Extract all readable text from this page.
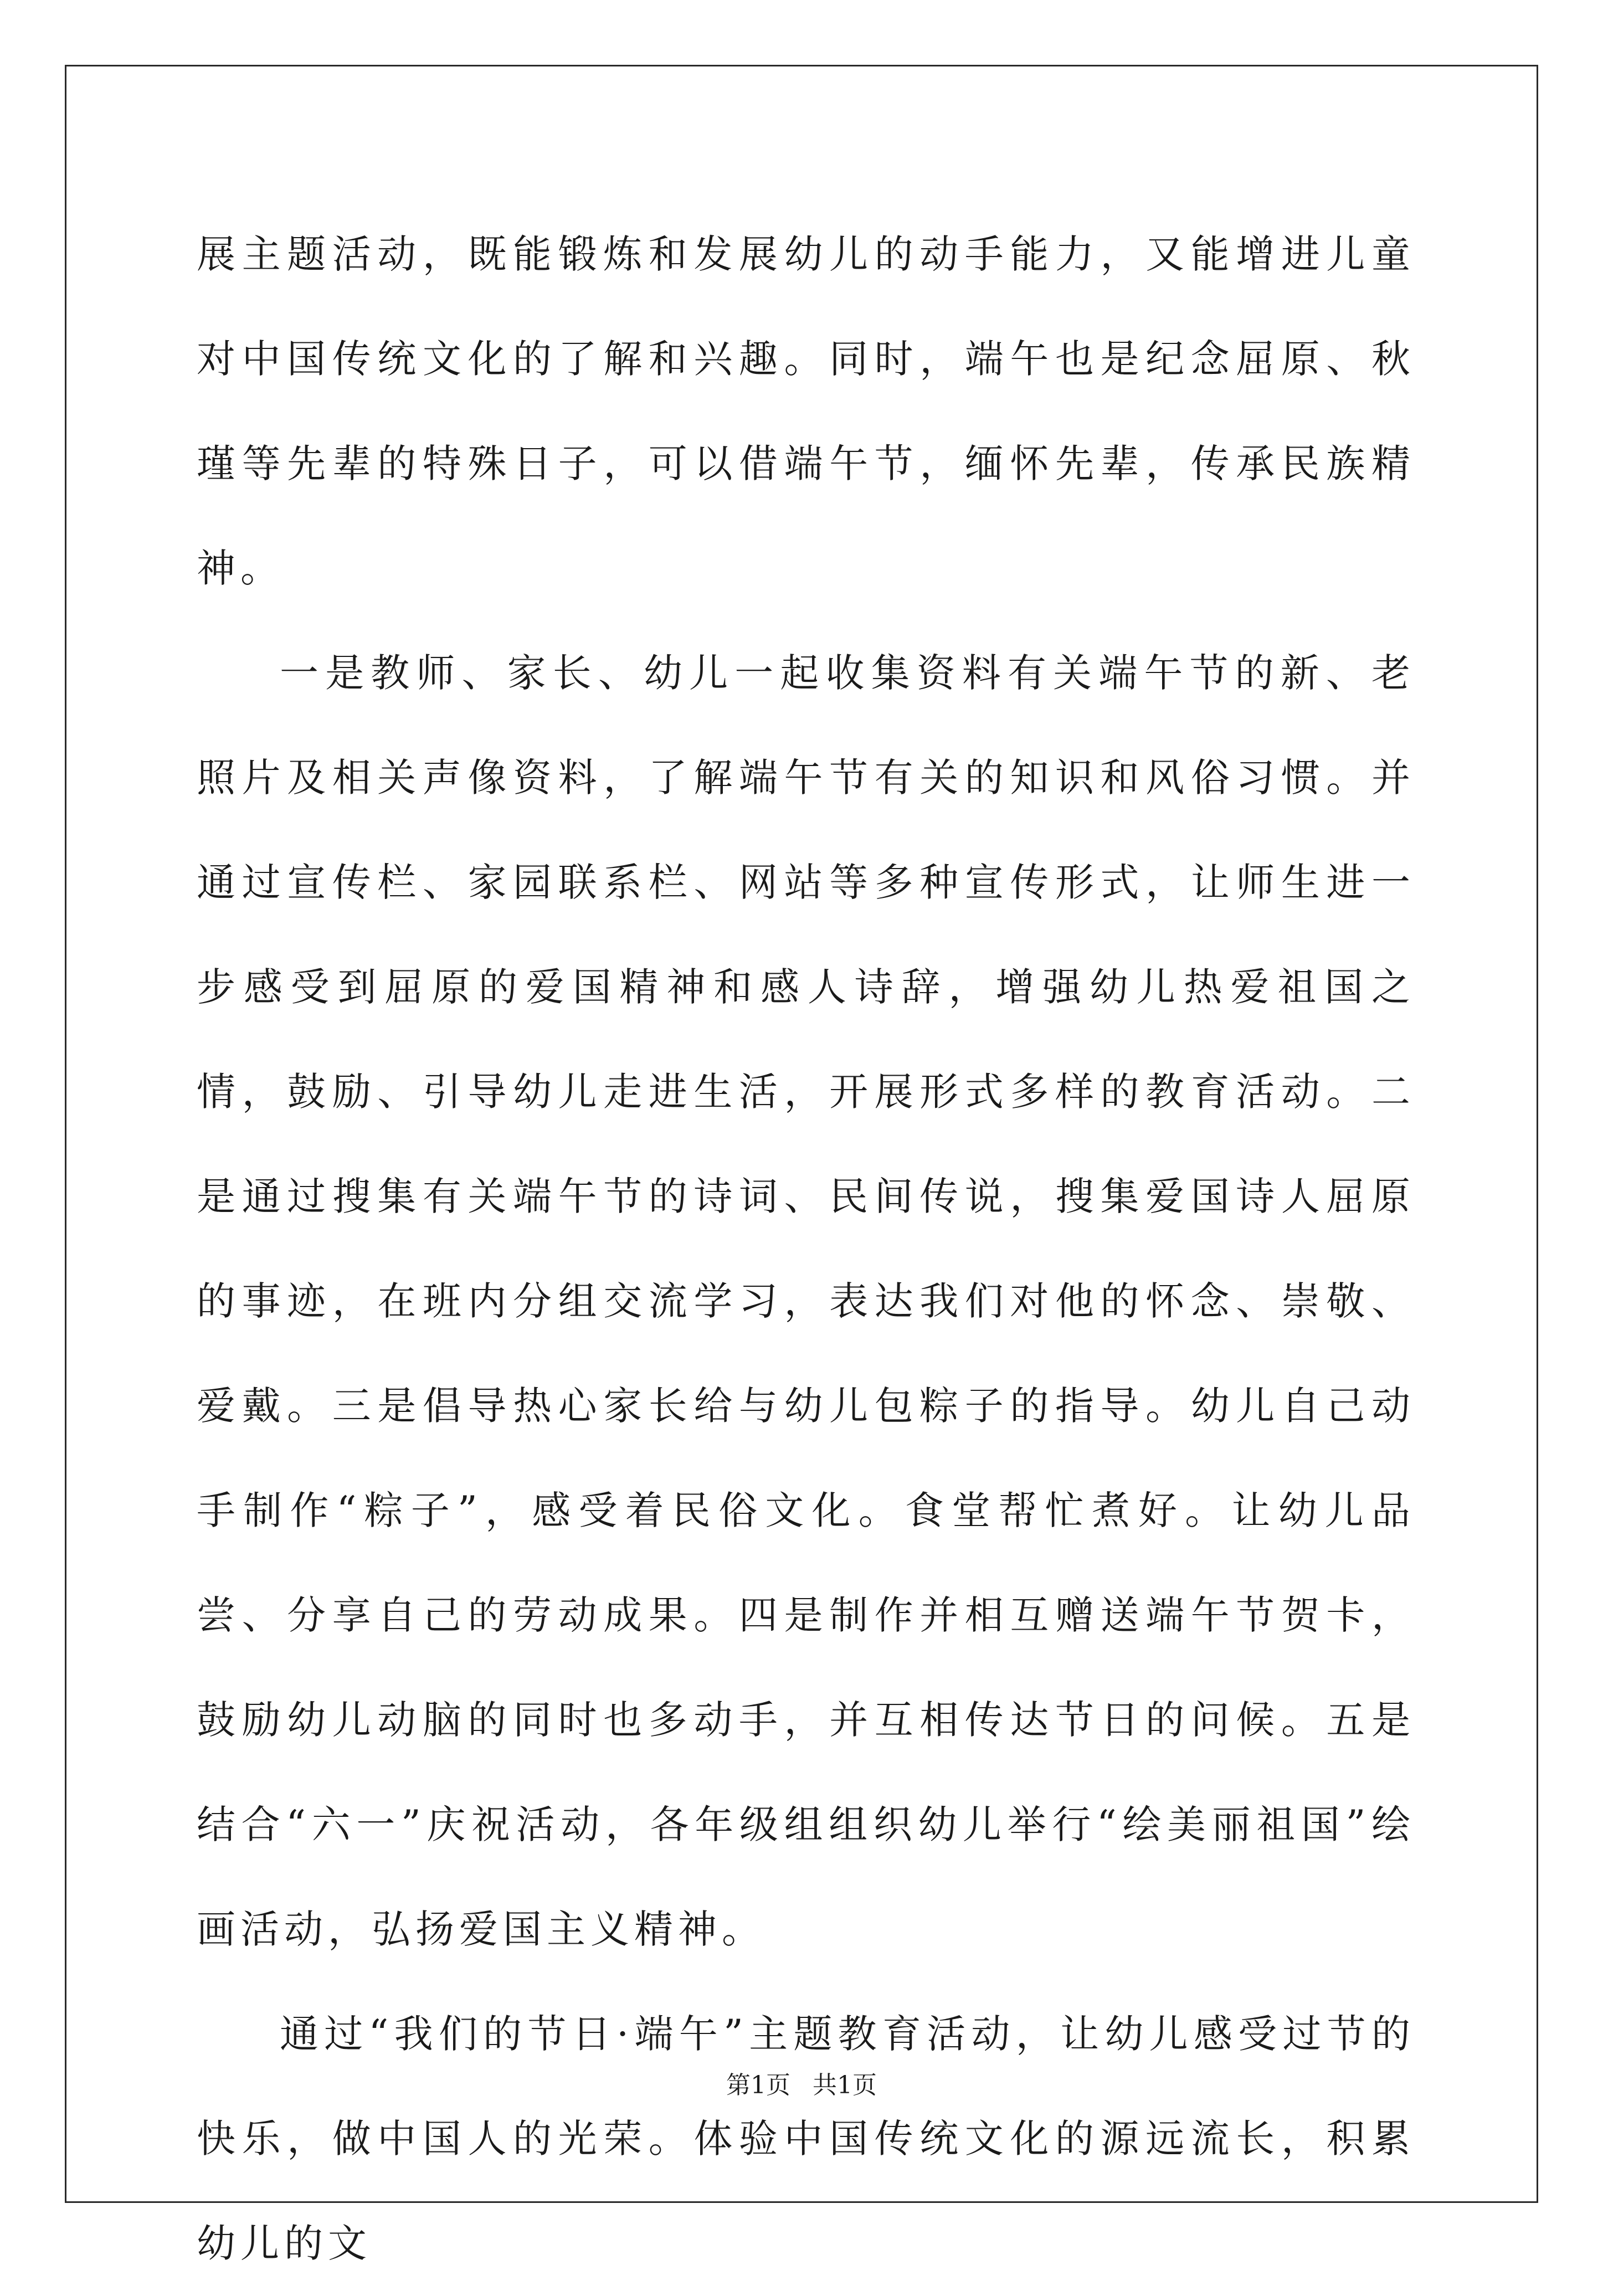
展主题活动，既能锻炼和发展幼儿的动手能力，又能增进儿童对中国传统文化的了解和兴趣。同时，端午也是纪念屈原、秋瑾等先辈的特殊日子，可以借端午节，缅怀先辈，传承民族精神。

一是教师、家长、幼儿一起收集资料有关端午节的新、老照片及相关声像资料，了解端午节有关的知识和风俗习惯。并通过宣传栏、家园联系栏、网站等多种宣传形式，让师生进一步感受到屈原的爱国精神和感人诗辞，增强幼儿热爱祖国之情，鼓励、引导幼儿走进生活，开展形式多样的教育活动。二是通过搜集有关端午节的诗词、民间传说，搜集爱国诗人屈原的事迹，在班内分组交流学习，表达我们对他的怀念、崇敬、爱戴。三是倡导热心家长给与幼儿包粽子的指导。幼儿自己动手制作“粽子”，感受着民俗文化。食堂帮忙煮好。让幼儿品尝、分享自己的劳动成果。四是制作并相互赠送端午节贺卡，鼓励幼儿动脑的同时也多动手，并互相传达节日的问候。五是结合“六一”庆祝活动，各年级组组织幼儿举行“绘美丽祖国”绘画活动，弘扬爱国主义精神。

通过“我们的节日·端午”主题教育活动，让幼儿感受过节的快乐，做中国人的光荣。体验中国传统文化的源远流长，积累幼儿的文

第1页 共1页
